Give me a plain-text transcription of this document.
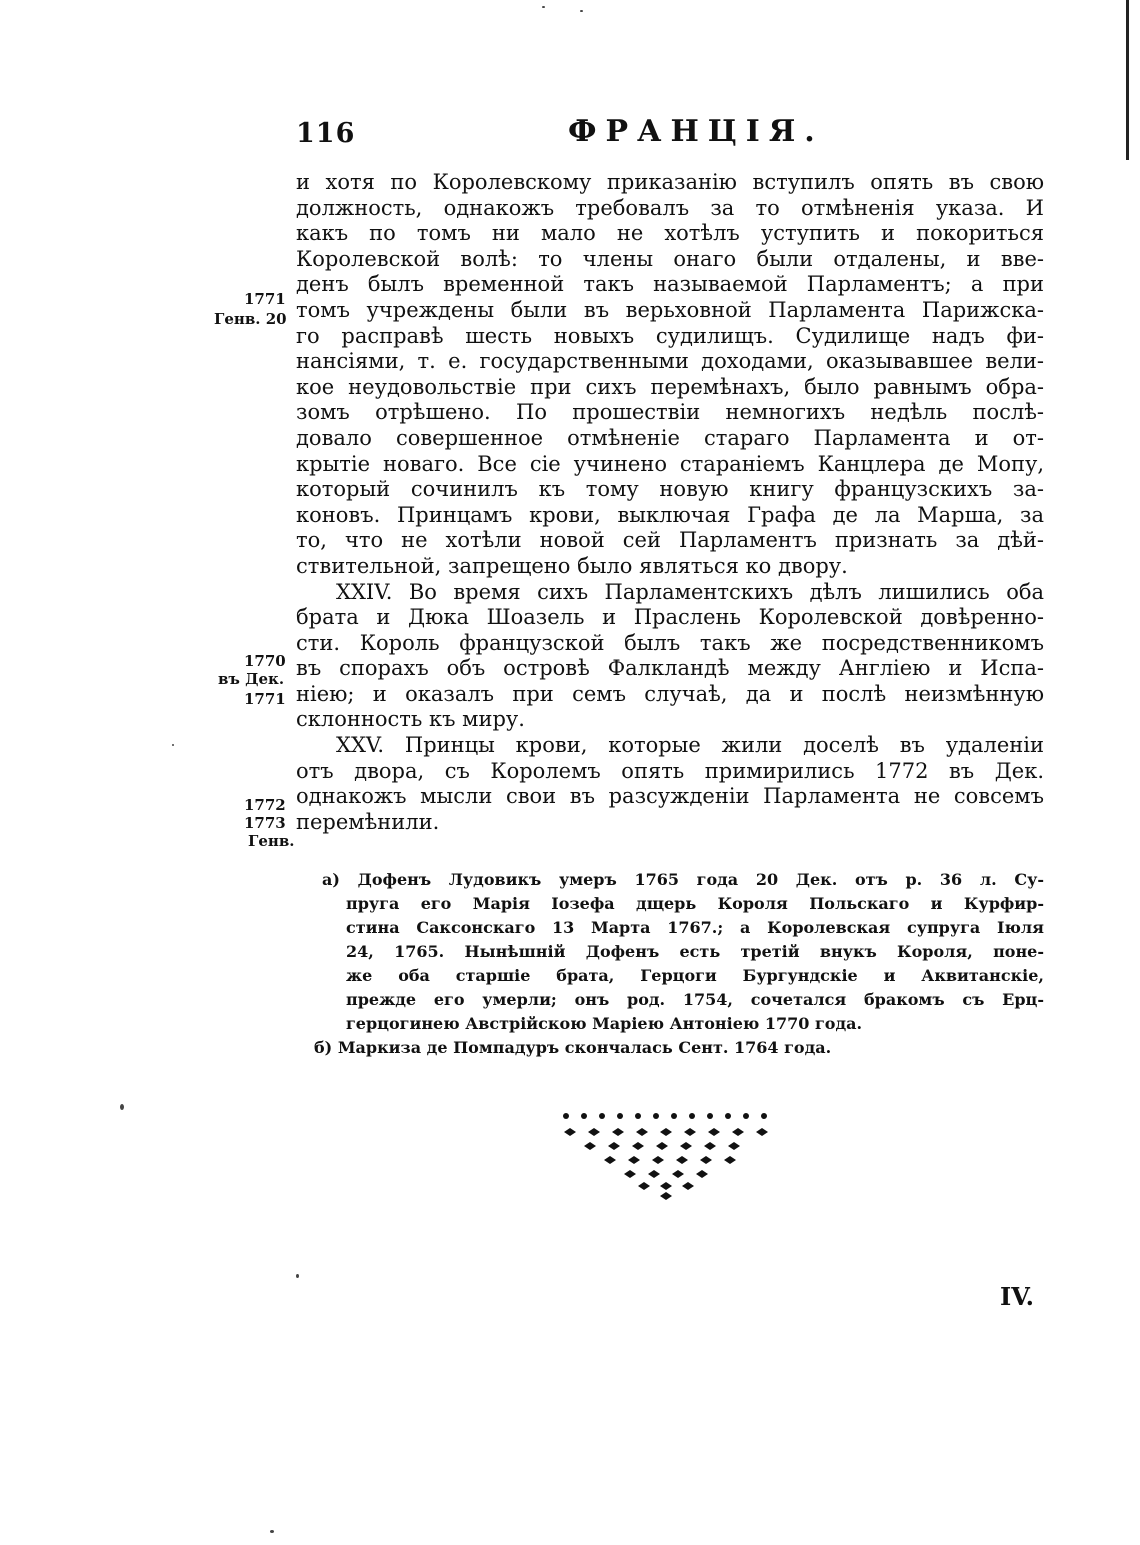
116	ФРАНЦІЯ.
1771
Генв. 20
1770
въ Дек.
1771
1772
1773
Генв.
и хотя по Королевскому приказанію вступилъ опять въ свою
должность, однакожъ требовалъ за то отмѣненія указа. И
какъ по томъ ни мало не хотѣлъ уступить и покориться
Королевской волѣ: то члены онаго были отдалены, и вве-
денъ былъ временной такъ называемой Парламентъ; а при
томъ учреждены были въ верьховной Парламента Парижска-
го расправѣ шесть новыхъ судилищъ. Судилище надъ фи-
нансіями, т. е. государственными доходами, оказывавшее вели-
кое неудовольствіе при сихъ перемѣнахъ, было равнымъ обра-
зомъ отрѣшено. По прошествіи немногихъ недѣль послѣ-
довало совершенное отмѣненіе стараго Парламента и от-
крытіе новаго. Все сіе учинено стараніемъ Канцлера де Мопу,
который сочинилъ къ тому новую книгу французскихъ за-
коновъ. Принцамъ крови, выключая Графа де ла Марша, за
то, что не хотѣли новой сей Парламентъ признать за дѣй-
ствительной, запрещено было являться ко двору.
XXIV. Во время сихъ Парламентскихъ дѣлъ лишились оба
брата и Дюка Шоазель и Праслень Королевской довѣренно-
сти. Король французской былъ такъ же посредственникомъ
въ спорахъ объ островѣ Фалкландѣ между Англіею и Испа-
ніею; и оказалъ при семъ случаѣ, да и послѣ неизмѣнную
склонность къ миру.
XXV. Принцы крови, которые жили доселѣ въ удаленіи
отъ двора, съ Королемъ опять примирились 1772 въ Дек.
однакожъ мысли свои въ разсужденіи Парламента не совсемъ
перемѣнили.
а) Дофенъ Лудовикъ умеръ 1765 года 20 Дек. отъ р. 36 л. Су-
пруга его Марія Іозефа дщерь Короля Польскаго и Курфир-
стина Саксонскаго 13 Марта 1767.; а Королевская супруга Іюля
24, 1765. Нынѣшній Дофенъ есть третій внукъ Короля, поне-
же оба старшіе брата, Герцоги Бургундскіе и Аквитанскіе,
прежде его умерли; онъ род. 1754, сочетался бракомъ съ Ерц-
герцогинею Австрійскою Маріею Антоніею 1770 года.
б) Маркиза де Помпадуръ скончалась Сент. 1764 года.
IV.
